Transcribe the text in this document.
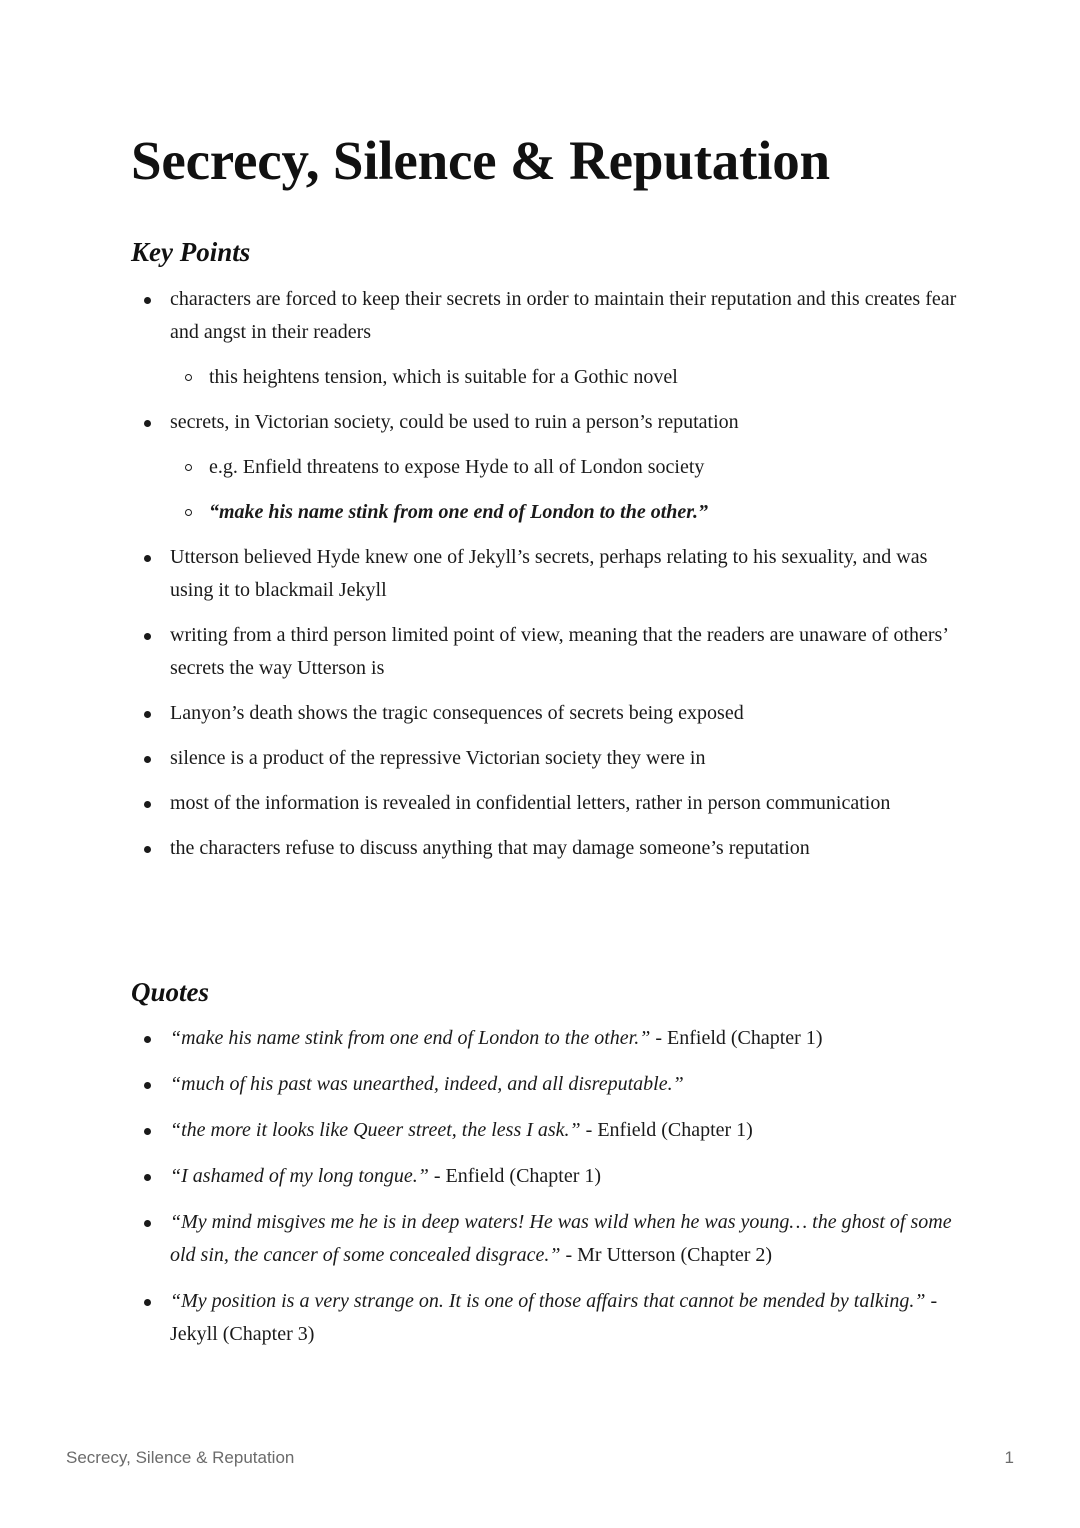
Secrecy, Silence & Reputation
Key Points
characters are forced to keep their secrets in order to maintain their reputation and this creates fear and angst in their readers
this heightens tension, which is suitable for a Gothic novel
secrets, in Victorian society, could be used to ruin a person’s reputation
e.g. Enfield threatens to expose Hyde to all of London society
“make his name stink from one end of London to the other.”
Utterson believed Hyde knew one of Jekyll’s secrets, perhaps relating to his sexuality, and was using it to blackmail Jekyll
writing from a third person limited point of view, meaning that the readers are unaware of others’ secrets the way Utterson is
Lanyon’s death shows the tragic consequences of secrets being exposed
silence is a product of the repressive Victorian society they were in
most of the information is revealed in confidential letters, rather in person communication
the characters refuse to discuss anything that may damage someone’s reputation
Quotes
“make his name stink from one end of London to the other.” - Enfield (Chapter 1)
“much of his past was unearthed, indeed, and all disreputable.”
“the more it looks like Queer street, the less I ask.” - Enfield (Chapter 1)
“I ashamed of my long tongue.” - Enfield (Chapter 1)
“My mind misgives me he is in deep waters! He was wild when he was young… the ghost of some old sin, the cancer of some concealed disgrace.” - Mr Utterson (Chapter 2)
“My position is a very strange on. It is one of those affairs that cannot be mended by talking.” - Jekyll (Chapter 3)
Secrecy, Silence & Reputation	1
